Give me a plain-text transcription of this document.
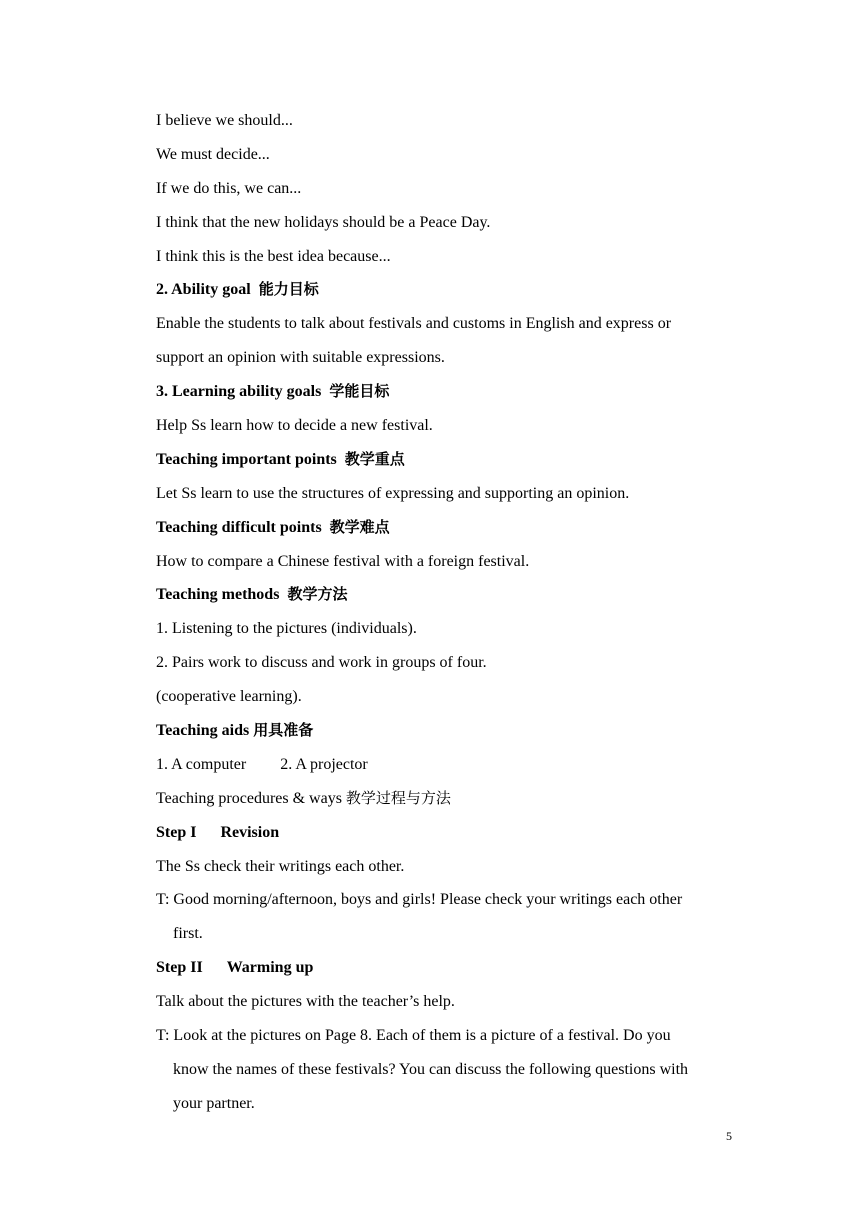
I believe we should...
We must decide...
If we do this, we can...
I think that the new holidays should be a Peace Day.
I think this is the best idea because...
2. Ability goal 能力目标
Enable the students to talk about festivals and customs in English and express or
support an opinion with suitable expressions.
3. Learning ability goals 学能目标
Help Ss learn how to decide a new festival.
Teaching important points 教学重点
Let Ss learn to use the structures of expressing and supporting an opinion.
Teaching difficult points 教学难点
How to compare a Chinese festival with a foreign festival.
Teaching methods 教学方法
1. Listening to the pictures (individuals).
2. Pairs work to discuss and work in groups of four.
(cooperative learning).
Teaching aids 用具准备
1. A computer 2. A projector
Teaching procedures & ways 教学过程与方法
Step I Revision
The Ss check their writings each other.
T: Good morning/afternoon, boys and girls! Please check your writings each other
first.
Step II Warming up
Talk about the pictures with the teacher’s help.
T: Look at the pictures on Page 8. Each of them is a picture of a festival. Do you
know the names of these festivals? You can discuss the following questions with
your partner.
5
